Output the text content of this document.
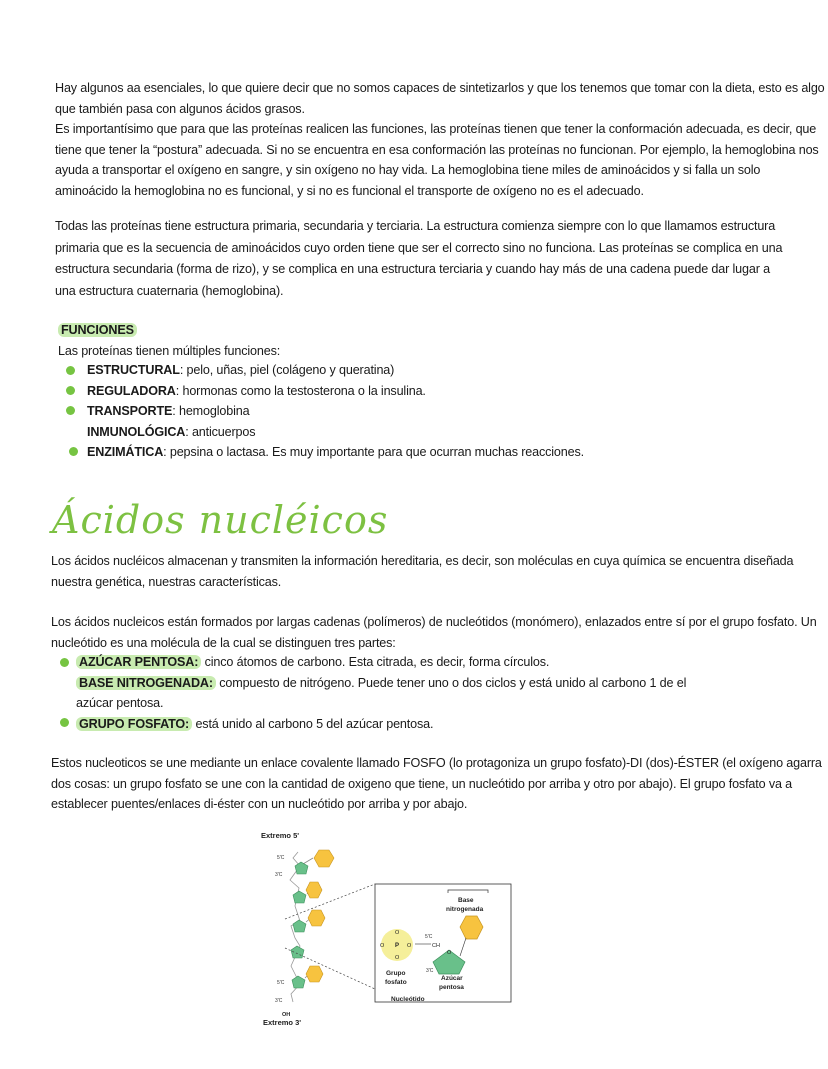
Hay algunos aa esenciales, lo que quiere decir que no somos capaces de sintetizarlos y que los tenemos que tomar con la dieta, esto es algo
que también pasa con algunos ácidos grasos.
Es importantísimo que para que las proteínas realicen las funciones, las proteínas tienen que tener la conformación adecuada, es decir, que
tiene que tener la “postura” adecuada. Si no se encuentra en esa conformación las proteínas no funcionan. Por ejemplo, la hemoglobina nos
ayuda a transportar el oxígeno en sangre, y sin oxígeno no hay vida. La hemoglobina tiene miles de aminoácidos y si falla un solo
aminoácido la hemoglobina no es funcional, y si no es funcional el transporte de oxígeno no es el adecuado.
Todas las proteínas tiene estructura primaria, secundaria y terciaria. La estructura comienza siempre con lo que llamamos estructura
primaria que es la secuencia de aminoácidos cuyo orden tiene que ser el correcto sino no funciona. Las proteínas se complica en una
estructura secundaria (forma de rizo), y se complica en una estructura terciaria y cuando hay más de una cadena puede dar lugar a
una estructura cuaternaria (hemoglobina).
FUNCIONES
Las proteínas tienen múltiples funciones:
ESTRUCTURAL: pelo, uñas, piel (colágeno y queratina)
REGULADORA: hormonas como la testosterona o la insulina.
TRANSPORTE: hemoglobina
INMUNOLÓGICA: anticuerpos
ENZIMÁTICA: pepsina o lactasa. Es muy importante para que ocurran muchas reacciones.
Ácidos nucléicos
Los ácidos nucléicos almacenan y transmiten la información hereditaria, es decir, son moléculas en cuya química se encuentra diseñada
nuestra genética, nuestras características.
Los ácidos nucleicos están formados por largas cadenas (polímeros) de nucleótidos (monómero), enlazados entre sí por el grupo fosfato. Un
nucleótido es una molécula de la cual se distinguen tres partes:
AZÚCAR PENTOSA: cinco átomos de carbono. Esta citrada, es decir, forma círculos.
BASE NITROGENADA: compuesto de nitrógeno. Puede tener uno o dos ciclos y está unido al carbono 1 de el
azúcar pentosa.
GRUPO FOSFATO: está unido al carbono 5 del azúcar pentosa.
Estos nucleoticos se une mediante un enlace covalente llamado FOSFO (lo protagoniza un grupo fosfato)-DI (dos)-ÉSTER (el oxígeno agarra
dos cosas: un grupo fosfato se une con la cantidad de oxigeno que tiene, un nucleótido por arriba y otro por abajo). El grupo fosfato va a
establecer puentes/enlaces di-éster con un nucleótido por arriba y por abajo.
Extremo 5'
5'C
3'C
5'C
3'C
OH
Extremo 3'
Base
nitrogenada
O
P
O	O
O
5'C
CH
O
3'C
Grupo
fosfato
Azúcar
pentosa
Nucleótido
